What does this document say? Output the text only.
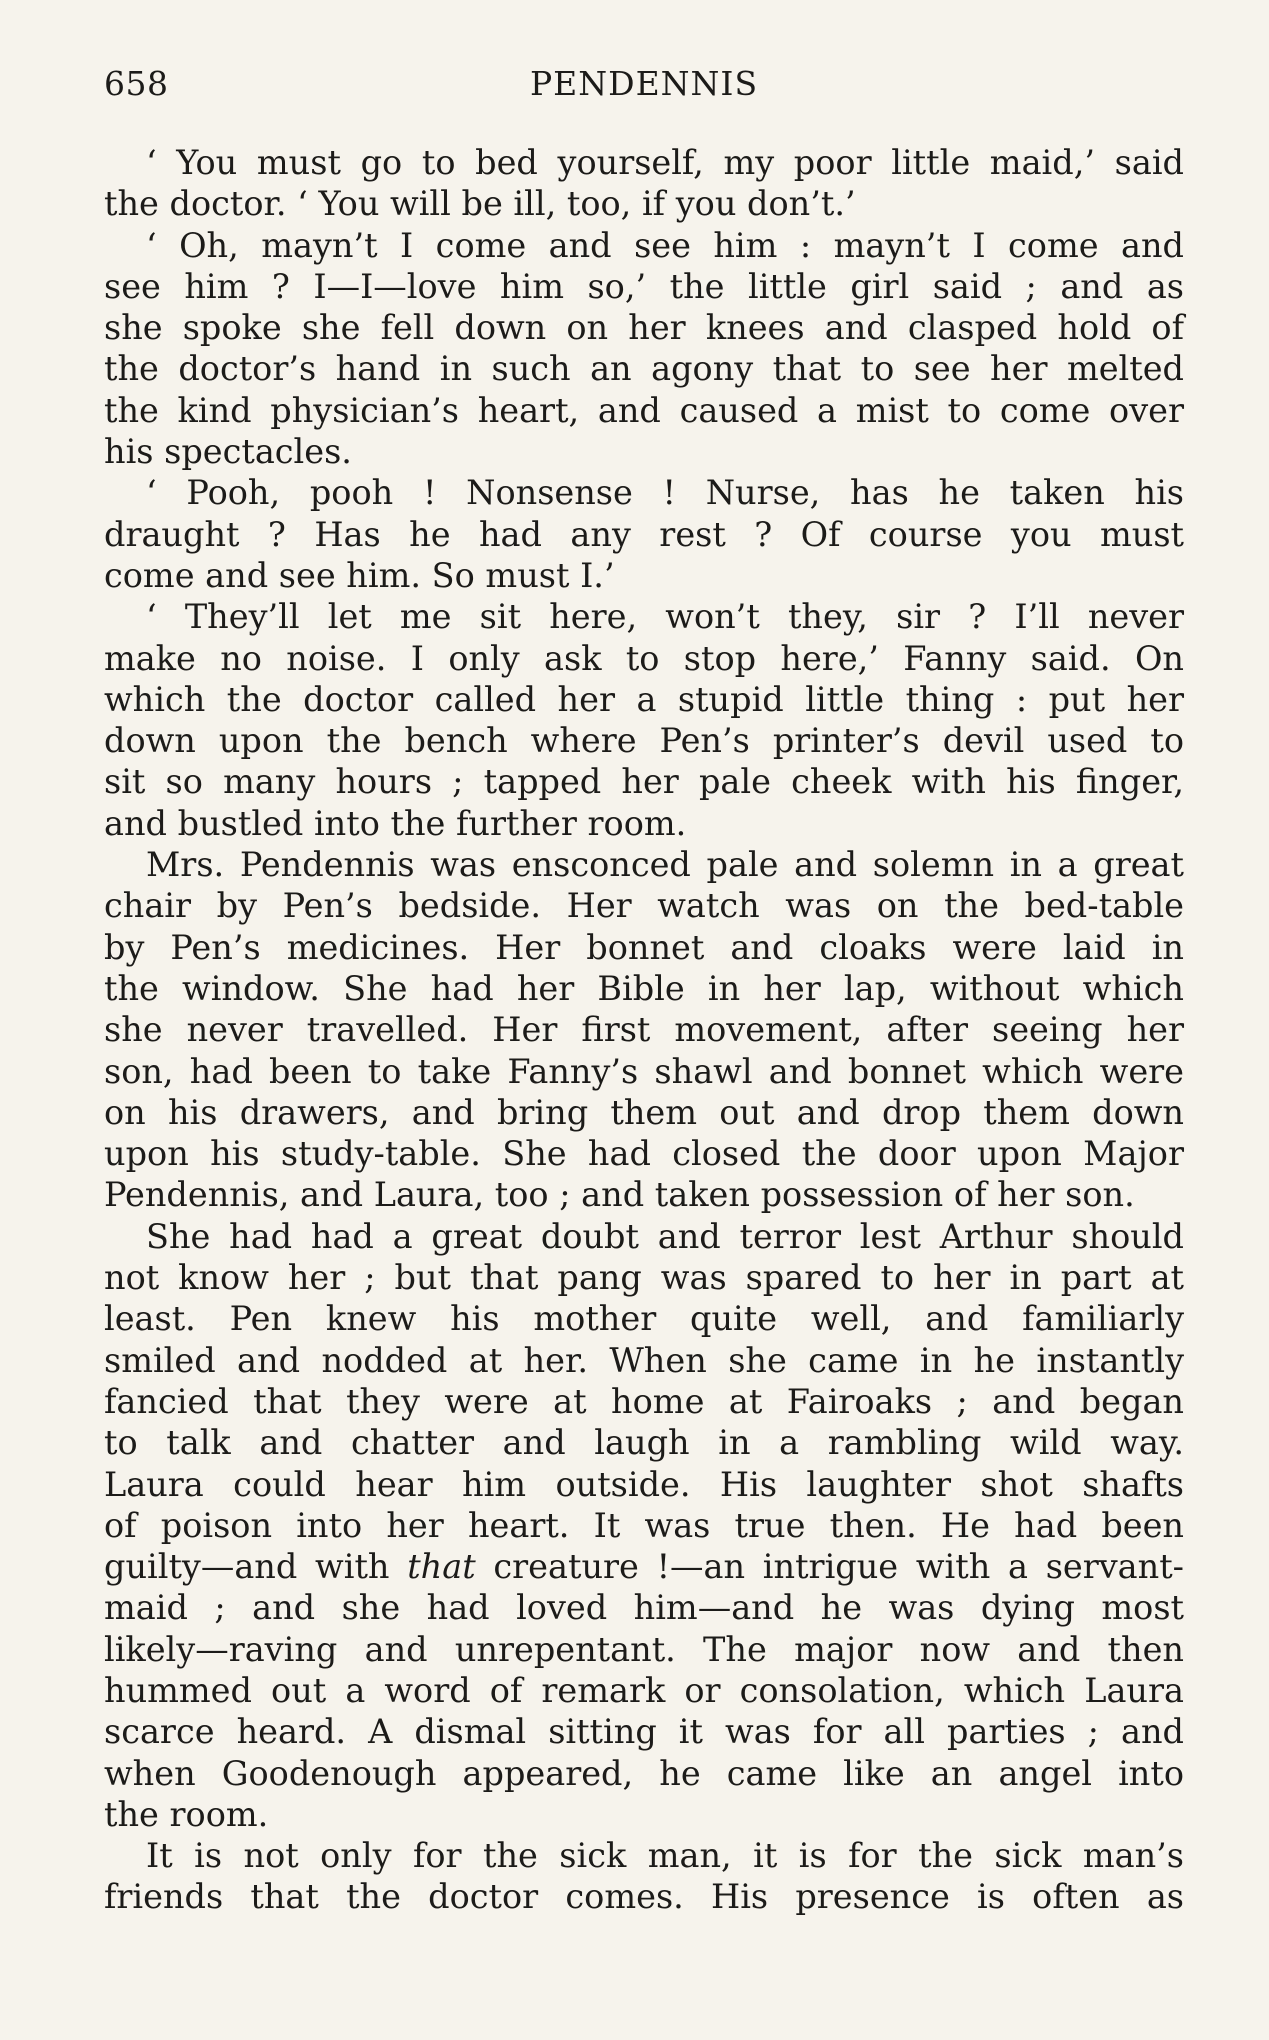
658	PENDENNIS
‘ You must go to bed yourself, my poor little maid,’ said
the doctor. ‘ You will be ill, too, if you don’t.’
‘ Oh, mayn’t I come and see him : mayn’t I come and
see him ? I—I—love him so,’ the little girl said ; and as
she spoke she fell down on her knees and clasped hold of
the doctor’s hand in such an agony that to see her melted
the kind physician’s heart, and caused a mist to come over
his spectacles.
‘ Pooh, pooh ! Nonsense ! Nurse, has he taken his
draught ? Has he had any rest ? Of course you must
come and see him. So must I.’
‘ They’ll let me sit here, won’t they, sir ? I’ll never
make no noise. I only ask to stop here,’ Fanny said. On
which the doctor called her a stupid little thing : put her
down upon the bench where Pen’s printer’s devil used to
sit so many hours ; tapped her pale cheek with his finger,
and bustled into the further room.
Mrs. Pendennis was ensconced pale and solemn in a great
chair by Pen’s bedside. Her watch was on the bed-table
by Pen’s medicines. Her bonnet and cloaks were laid in
the window. She had her Bible in her lap, without which
she never travelled. Her first movement, after seeing her
son, had been to take Fanny’s shawl and bonnet which were
on his drawers, and bring them out and drop them down
upon his study-table. She had closed the door upon Major
Pendennis, and Laura, too ; and taken possession of her son.
She had had a great doubt and terror lest Arthur should
not know her ; but that pang was spared to her in part at
least. Pen knew his mother quite well, and familiarly
smiled and nodded at her. When she came in he instantly
fancied that they were at home at Fairoaks ; and began
to talk and chatter and laugh in a rambling wild way.
Laura could hear him outside. His laughter shot shafts
of poison into her heart. It was true then. He had been
guilty—and with that creature !—an intrigue with a servant-
maid ; and she had loved him—and he was dying most
likely—raving and unrepentant. The major now and then
hummed out a word of remark or consolation, which Laura
scarce heard. A dismal sitting it was for all parties ; and
when Goodenough appeared, he came like an angel into
the room.
It is not only for the sick man, it is for the sick man’s
friends that the doctor comes. His presence is often as
